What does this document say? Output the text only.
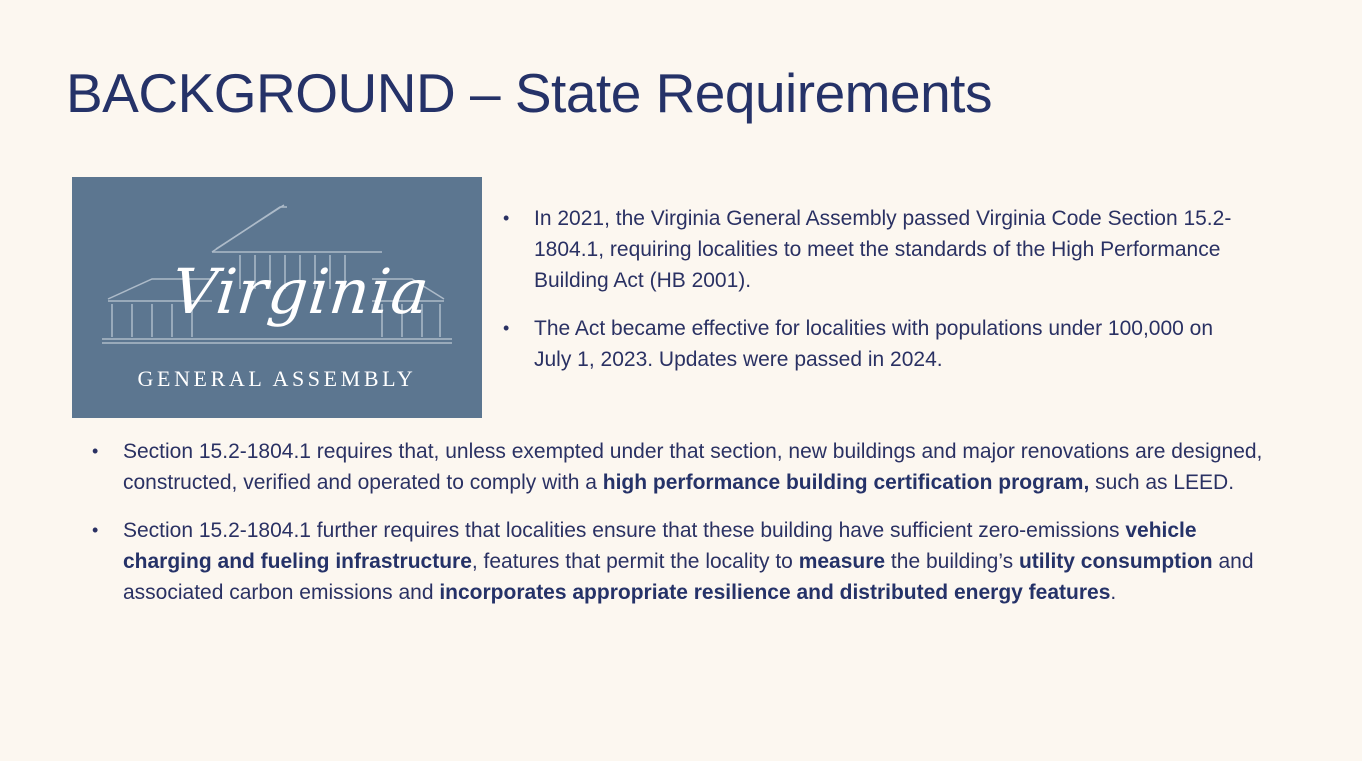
BACKGROUND – State Requirements
Virginia
GENERAL ASSEMBLY
• In 2021, the Virginia General Assembly passed Virginia Code Section 15.2-1804.1, requiring localities to meet the standards of the High Performance Building Act (HB 2001).
• The Act became effective for localities with populations under 100,000 on July 1, 2023. Updates were passed in 2024.
• Section 15.2-1804.1 requires that, unless exempted under that section, new buildings and major renovations are designed, constructed, verified and operated to comply with a high performance building certification program, such as LEED.
• Section 15.2-1804.1 further requires that localities ensure that these building have sufficient zero-emissions vehicle charging and fueling infrastructure, features that permit the locality to measure the building’s utility consumption and associated carbon emissions and incorporates appropriate resilience and distributed energy features.
